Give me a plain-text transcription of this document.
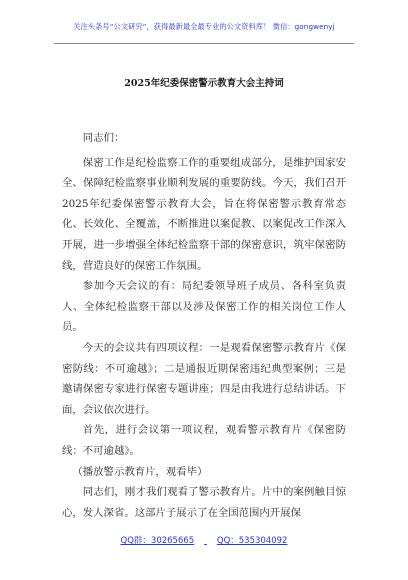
关注头条号“公文研究”，获得最新最全最专业的公文资料库！ 微信：gongwenyj
2025年纪委保密警示教育大会主持词

同志们：

保密工作是纪检监察工作的重要组成部分，是维护国家安全、保障纪检监察事业顺利发展的重要防线。今天，我们召开2025年纪委保密警示教育大会，旨在将保密警示教育常态化、长效化、全覆盖，不断推进以案促教、以案促改工作深入开展，进一步增强全体纪检监察干部的保密意识，筑牢保密防线，营造良好的保密工作氛围。

参加今天会议的有：局纪委领导班子成员、各科室负责人、全体纪检监察干部以及涉及保密工作的相关岗位工作人员。

今天的会议共有四项议程：一是观看保密警示教育片《保密防线：不可逾越》；二是通报近期保密违纪典型案例；三是邀请保密专家进行保密专题讲座；四是由我进行总结讲话。下面，会议依次进行。

首先，进行会议第一项议程，观看警示教育片《保密防线：不可逾越》。

（播放警示教育片，观看毕）

同志们，刚才我们观看了警示教育片。片中的案例触目惊心，发人深省。这部片子展示了在全国范围内开展保

QQ群：30265665	QQ：535304092
